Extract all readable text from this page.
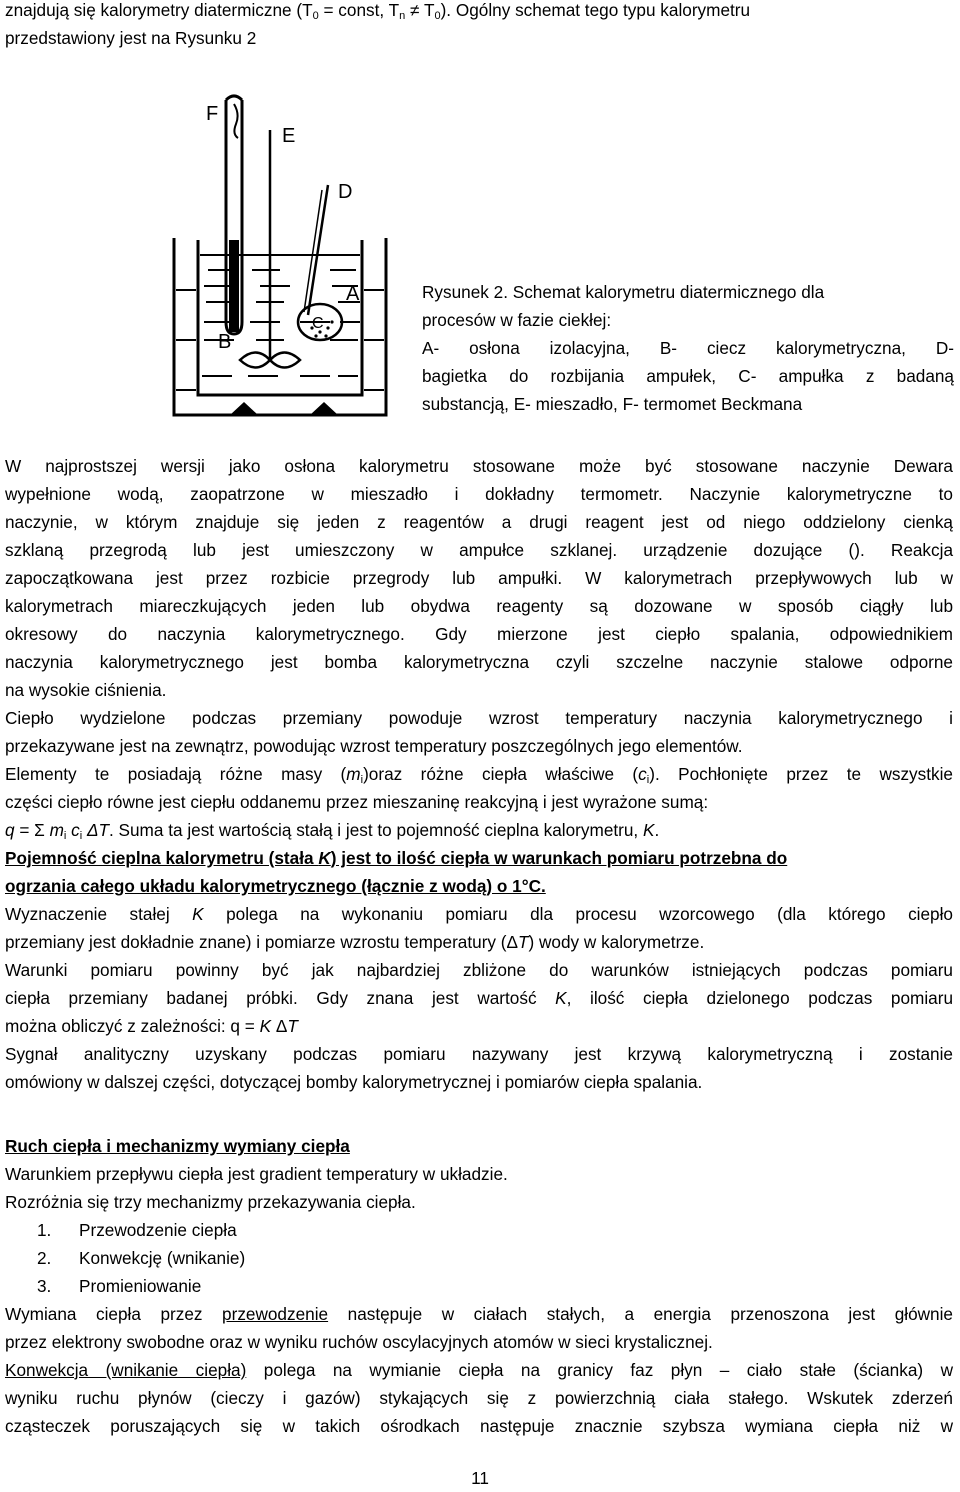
znajdują się kalorymetry diatermiczne ($T_0$ = const, $T_n \ne T_0$). Ogólny schemat tego typu kalorymetru
przedstawiony jest na Rysunku 2
F
E
D
A
B
C
Rysunek 2. Schemat kalorymetru diatermicznego dla
procesów w fazie ciekłej:
A- osłona izolacyjna, B- ciecz kalorymetryczna, D-
bagietka do rozbijania ampułek, C- ampułka z badaną
substancją, E- mieszadło, F- termomet Beckmana
W najprostszej wersji jako osłona kalorymetru stosowane może być stosowane naczynie Dewara
wypełnione wodą, zaopatrzone w mieszadło i dokładny termometr. Naczynie kalorymetryczne to
naczynie, w którym znajduje się jeden z reagentów a drugi reagent jest od niego oddzielony cienką
szklaną przegrodą lub jest umieszczony w ampułce szklanej. urządzenie dozujące (). Reakcja
zapoczątkowana jest przez rozbicie przegrody lub ampułki. W kalorymetrach przepływowych lub w
kalorymetrach miareczkujących jeden lub obydwa reagenty są dozowane w sposób ciągły lub
okresowy do naczynia kalorymetrycznego. Gdy mierzone jest ciepło spalania, odpowiednikiem
naczynia kalorymetrycznego jest bomba kalorymetryczna czyli szczelne naczynie stalowe odporne
na wysokie ciśnienia.
Ciepło wydzielone podczas przemiany powoduje wzrost temperatury naczynia kalorymetrycznego i
przekazywane jest na zewnątrz, powodując wzrost temperatury poszczególnych jego elementów.
Elementy te posiadają różne masy $(m_i)oraz$ różne ciepła właściwe $(c_i)$. Pochłonięte przez te wszystkie
części ciepło równe jest ciepłu oddanemu przez mieszaninę reakcyjną i jest wyrażone sumą:
q = Σ $m_i$ $c_i$ ΔT. Suma ta jest wartością stałą i jest to pojemność cieplna kalorymetru, K.
Pojemność cieplna kalorymetru (stała K) jest to ilość ciepła w warunkach pomiaru potrzebna do
ogrzania całego układu kalorymetrycznego (łącznie z wodą) o 1°C.
Wyznaczenie stałej K polega na wykonaniu pomiaru dla procesu wzorcowego (dla którego ciepło
przemiany jest dokładnie znane) i pomiarze wzrostu temperatury (ΔT) wody w kalorymetrze.
Warunki pomiaru powinny być jak najbardziej zbliżone do warunków istniejących podczas pomiaru
ciepła przemiany badanej próbki. Gdy znana jest wartość K, ilość ciepła dzielonego podczas pomiaru
można obliczyć z zależności: q = K ΔT
Sygnał analityczny uzyskany podczas pomiaru nazywany jest krzywą kalorymetryczną i zostanie
omówiony w dalszej części, dotyczącej bomby kalorymetrycznej i pomiarów ciepła spalania.
Ruch ciepła i mechanizmy wymiany ciepła
Warunkiem przepływu ciepła jest gradient temperatury w układzie.
Rozróżnia się trzy mechanizmy przekazywania ciepła.
1. Przewodzenie ciepła
2. Konwekcję (wnikanie)
3. Promieniowanie
Wymiana ciepła przez przewodzenie następuje w ciałach stałych, a energia przenoszona jest głównie
przez elektrony swobodne oraz w wyniku ruchów oscylacyjnych atomów w sieci krystalicznej.
Konwekcja (wnikanie ciepła) polega na wymianie ciepła na granicy faz płyn – ciało stałe (ścianka) w
wyniku ruchu płynów (cieczy i gazów) stykających się z powierzchnią ciała stałego. Wskutek zderzeń
cząsteczek poruszających się w takich ośrodkach następuje znacznie szybsza wymiana ciepła niż w
11
